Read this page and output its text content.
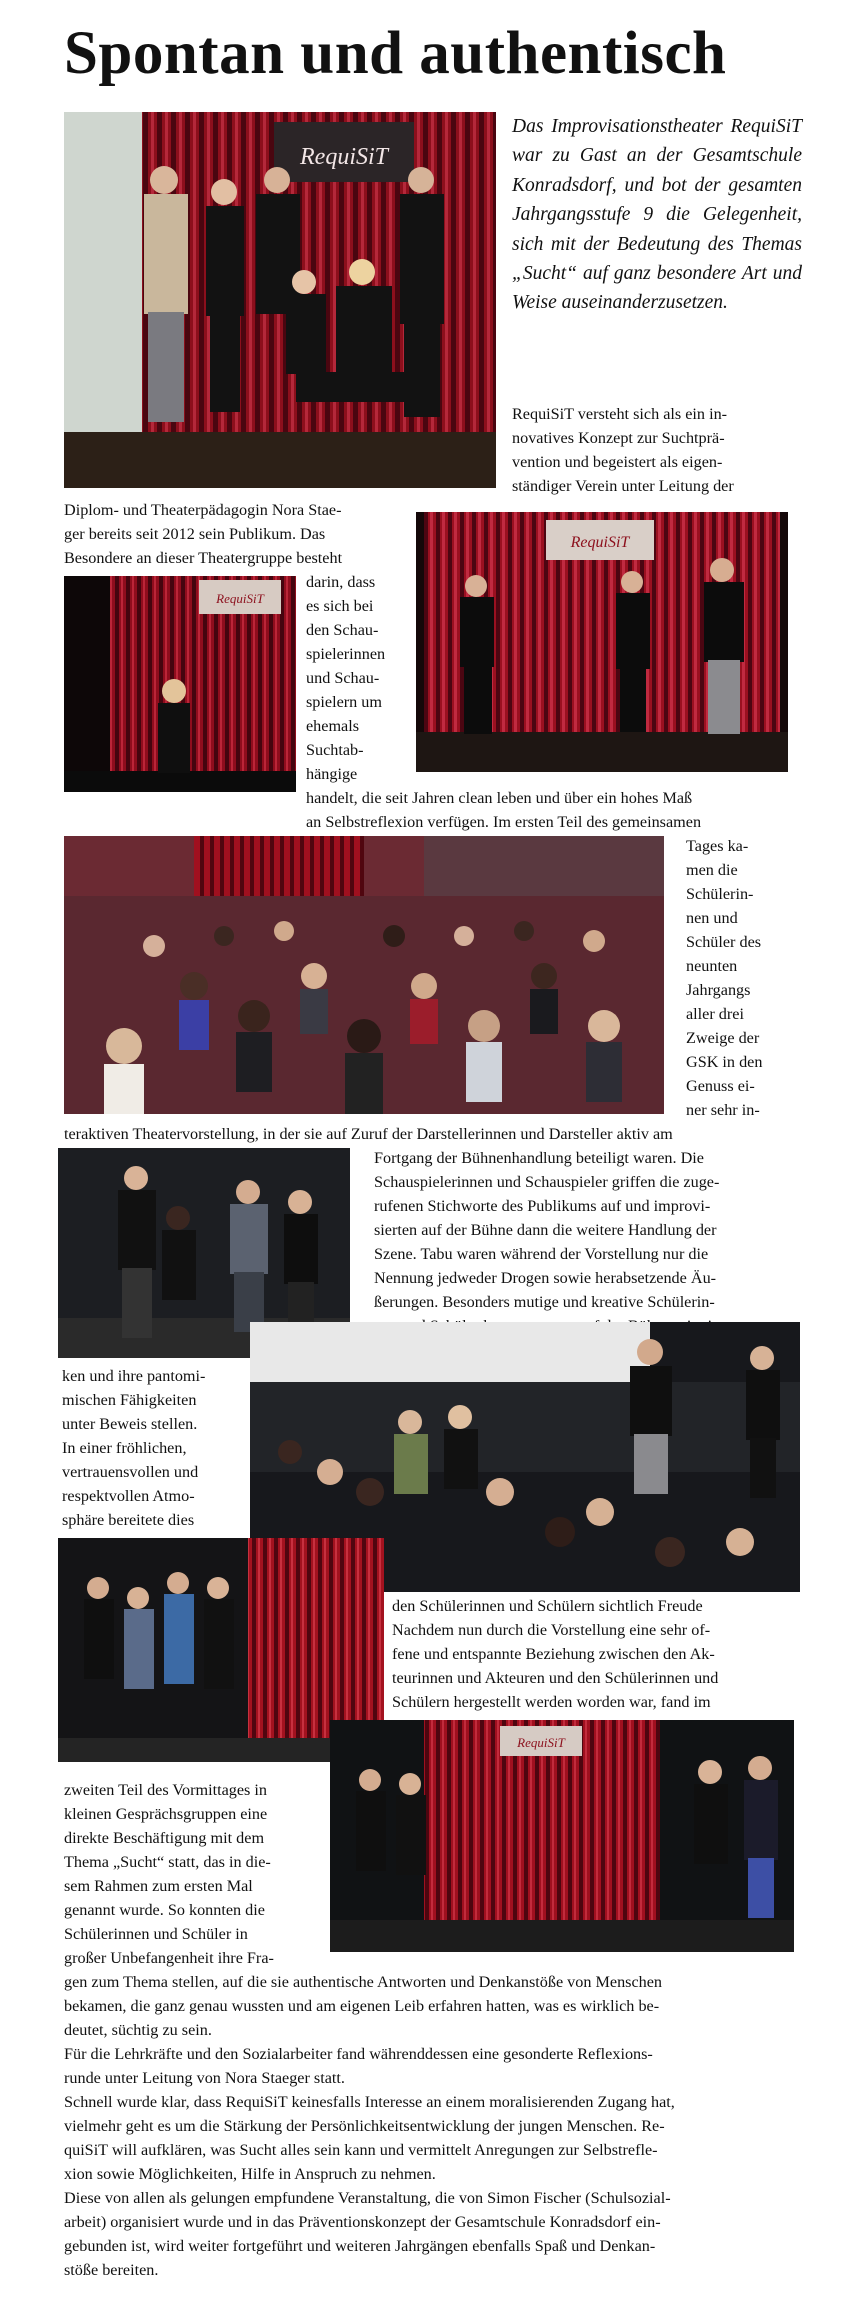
Spontan und authentisch
RequiSiT
Das Improvisationstheater RequiSiT war zu Gast an der Gesamtschule Konradsdorf, und bot der gesamten Jahrgangsstufe 9 die Gelegenheit, sich mit der Bedeutung des Themas „Sucht“ auf ganz besondere Art und Weise auseinanderzusetzen.

RequiSiT versteht sich als ein in-

novatives Konzept zur Suchtprä-

vention und begeistert als eigen-

ständiger Verein unter Leitung der

Diplom- und Theaterpädagogin Nora Stae-

ger bereits seit 2012 sein Publikum. Das

Besondere an dieser Theatergruppe besteht

RequiSiT
RequiSiT

darin, dass

es sich bei

den Schau-

spielerinnen

und Schau-

spielern um

ehemals

Suchtab-

hängige

handelt, die seit Jahren clean leben und über ein hohes Maß

an Selbstreflexion verfügen. Im ersten Teil des gemeinsamen

Tages ka-

men die

Schülerin-

nen und

Schüler des

neunten

Jahrgangs

aller drei

Zweige der

GSK in den

Genuss ei-

ner sehr in-

teraktiven Theatervorstellung, in der sie auf Zuruf der Darstellerinnen und Darsteller aktiv am

Fortgang der Bühnenhandlung beteiligt waren. Die

Schauspielerinnen und Schauspieler griffen die zuge-

rufenen Stichworte des Publikums auf und improvi-

sierten auf der Bühne dann die weitere Handlung der

Szene. Tabu waren während der Vorstellung nur die

Nennung jedweder Drogen sowie herabsetzende Äu-

ßerungen. Besonders mutige und kreative Schülerin-

ken und ihre pantomi-

mischen Fähigkeiten

unter Beweis stellen.

In einer fröhlichen,

vertrauensvollen und

respektvollen Atmo-

sphäre bereitete dies

den Schülerinnen und Schülern sichtlich Freude

Nachdem nun durch die Vorstellung eine sehr of-

fene und entspannte Beziehung zwischen den Ak-

teurinnen und Akteuren und den Schülerinnen und

Schülern hergestellt werden worden war, fand im

RequiSiT

zweiten Teil des Vormittages in

kleinen Gesprächsgruppen eine

direkte Beschäftigung mit dem

Thema „Sucht“ statt, das in die-

sem Rahmen zum ersten Mal

genannt wurde. So konnten die

Schülerinnen und Schüler in

großer Unbefangenheit ihre Fra-

gen zum Thema stellen, auf die sie authentische Antworten und Denkanstöße von Menschen

bekamen, die ganz genau wussten und am eigenen Leib erfahren hatten, was es wirklich be-

deutet, süchtig zu sein.

Für die Lehrkräfte und den Sozialarbeiter fand währenddessen eine gesonderte Reflexions-

runde unter Leitung von Nora Staeger statt.

Schnell wurde klar, dass RequiSiT keinesfalls Interesse an einem moralisierenden Zugang hat,

vielmehr geht es um die Stärkung der Persönlichkeitsentwicklung der jungen Menschen. Re-

quiSiT will aufklären, was Sucht alles sein kann und vermittelt Anregungen zur Selbstrefle-

xion sowie Möglichkeiten, Hilfe in Anspruch zu nehmen.

Diese von allen als gelungen empfundene Veranstaltung, die von Simon Fischer (Schulsozial-

arbeit) organisiert wurde und in das Präventionskonzept der Gesamtschule Konradsdorf ein-

gebunden ist, wird weiter fortgeführt und weiteren Jahrgängen ebenfalls Spaß und Denkan-

stöße bereiten.
